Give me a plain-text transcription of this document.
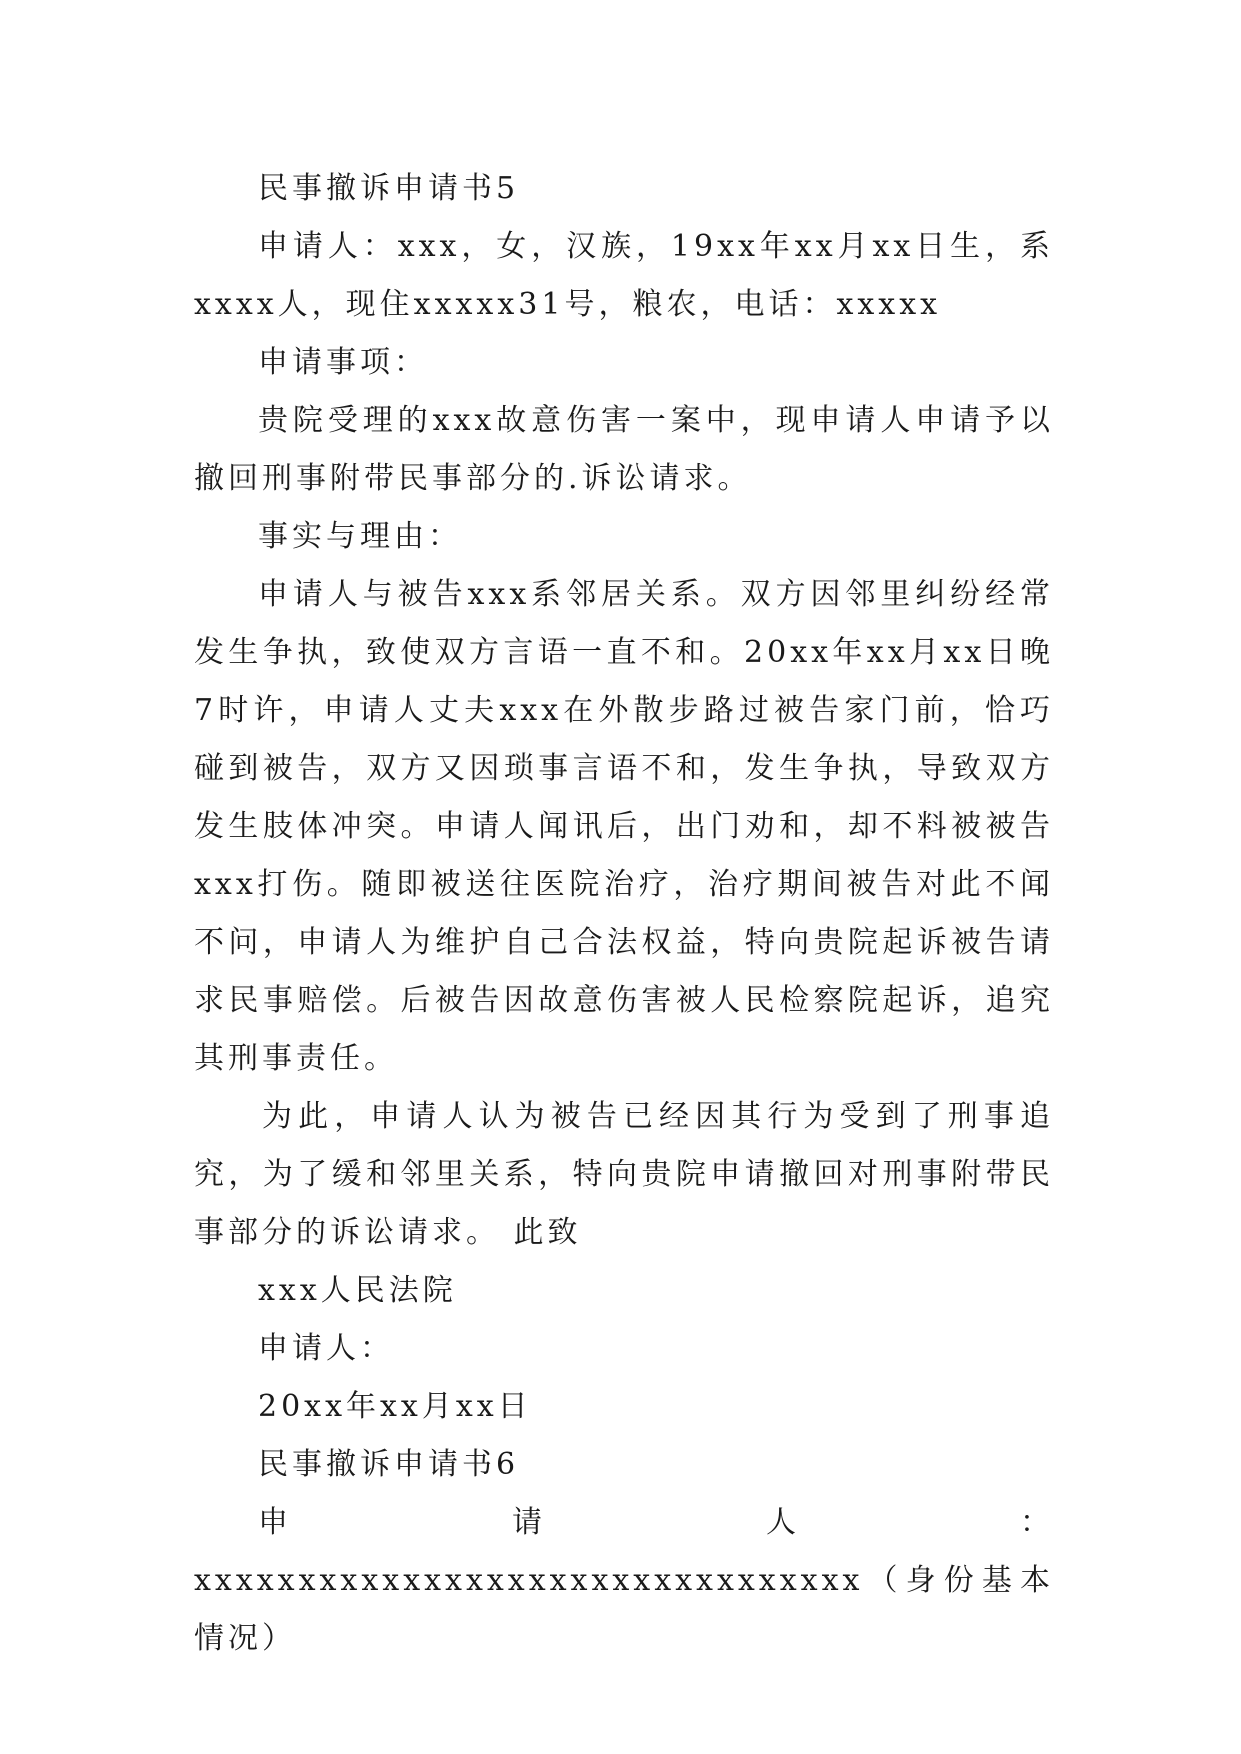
民事撤诉申请书5

申请人：xxx，女，汉族，19xx年xx月xx日生，系xxxx人，现住xxxxx31号，粮农，电话：xxxxx

申请事项：

贵院受理的xxx故意伤害一案中，现申请人申请予以撤回刑事附带民事部分的.诉讼请求。

事实与理由：

申请人与被告xxx系邻居关系。双方因邻里纠纷经常发生争执，致使双方言语一直不和。20xx年xx月xx日晚7时许，申请人丈夫xxx在外散步路过被告家门前，恰巧碰到被告，双方又因琐事言语不和，发生争执，导致双方发生肢体冲突。申请人闻讯后，出门劝和，却不料被被告xxx打伤。随即被送往医院治疗，治疗期间被告对此不闻不问，申请人为维护自己合法权益，特向贵院起诉被告请求民事赔偿。后被告因故意伤害被人民检察院起诉，追究其刑事责任。

为此，申请人认为被告已经因其行为受到了刑事追究，为了缓和邻里关系，特向贵院申请撤回对刑事附带民事部分的诉讼请求。 此致

xxx人民法院

申请人：

20xx年xx月xx日

民事撤诉申请书6

申请人：xxxxxxxxxxxxxxxxxxxxxxxxxxxxxxxx（身份基本情况）
